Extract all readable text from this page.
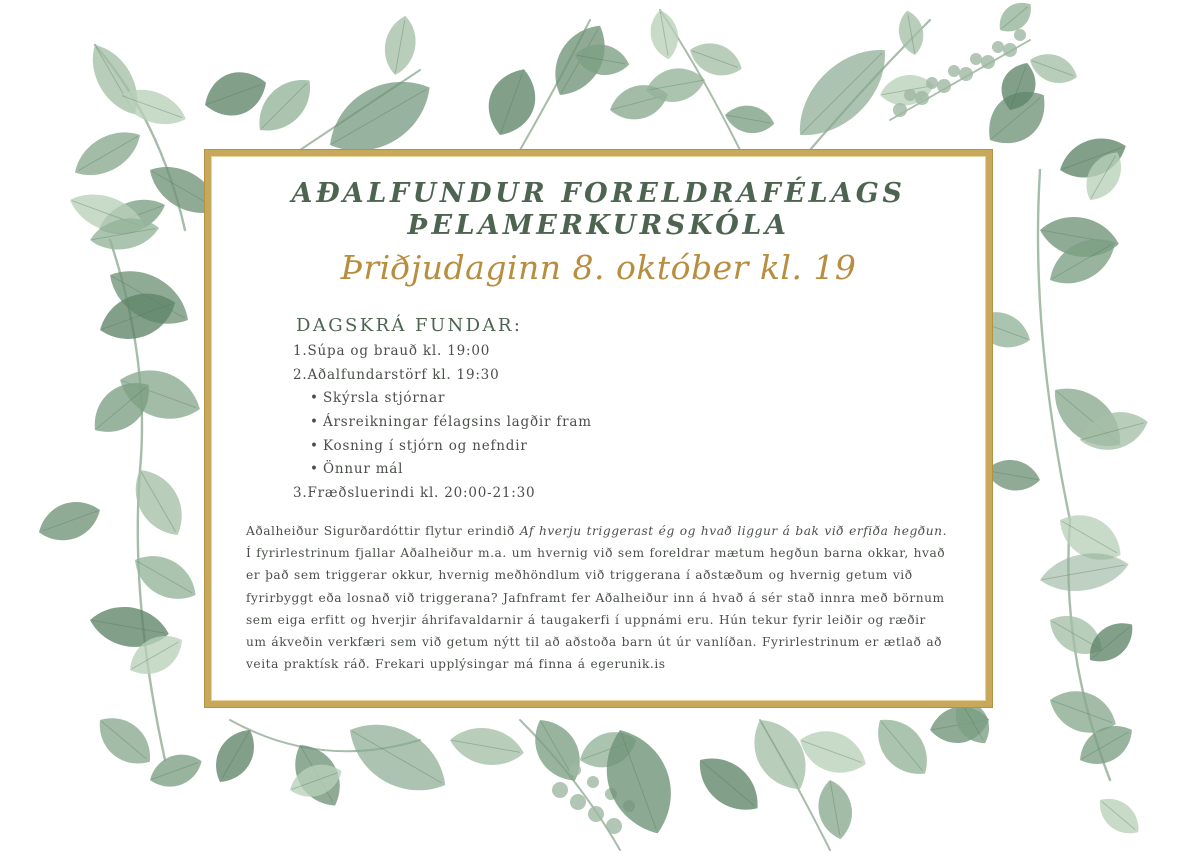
AÐALFUNDUR FORELDRAFÉLAGS
ÞELAMERKURSKÓLA
Þriðjudaginn 8. október kl. 19
DAGSKRÁ FUNDAR:
1.Súpa og brauð kl. 19:00
2.Aðalfundarstörf kl. 19:30
• Skýrsla stjórnar
• Ársreikningar félagsins lagðir fram
• Kosning í stjórn og nefndir
• Önnur mál
3.Fræðsluerindi kl. 20:00-21:30

Aðalheiður Sigurðardóttir flytur erindið Af hverju triggerast ég og hvað liggur á bak við erfiða hegðun. Í fyrirlestrinum fjallar Aðalheiður m.a. um hvernig við sem foreldrar mætum hegðun barna okkar, hvað er það sem triggerar okkur, hvernig meðhöndlum við triggerana í aðstæðum og hvernig getum við fyrirbyggt eða losnað við triggerana? Jafnframt fer Aðalheiður inn á hvað á sér stað innra með börnum sem eiga erfitt og hverjir áhrifavaldarnir á taugakerfi í uppnámi eru. Hún tekur fyrir leiðir og ræðir um ákveðin verkfæri sem við getum nýtt til að aðstoða barn út úr vanlíðan. Fyrirlestrinum er ætlað að veita praktísk ráð. Frekari upplýsingar má finna á egerunik.is
